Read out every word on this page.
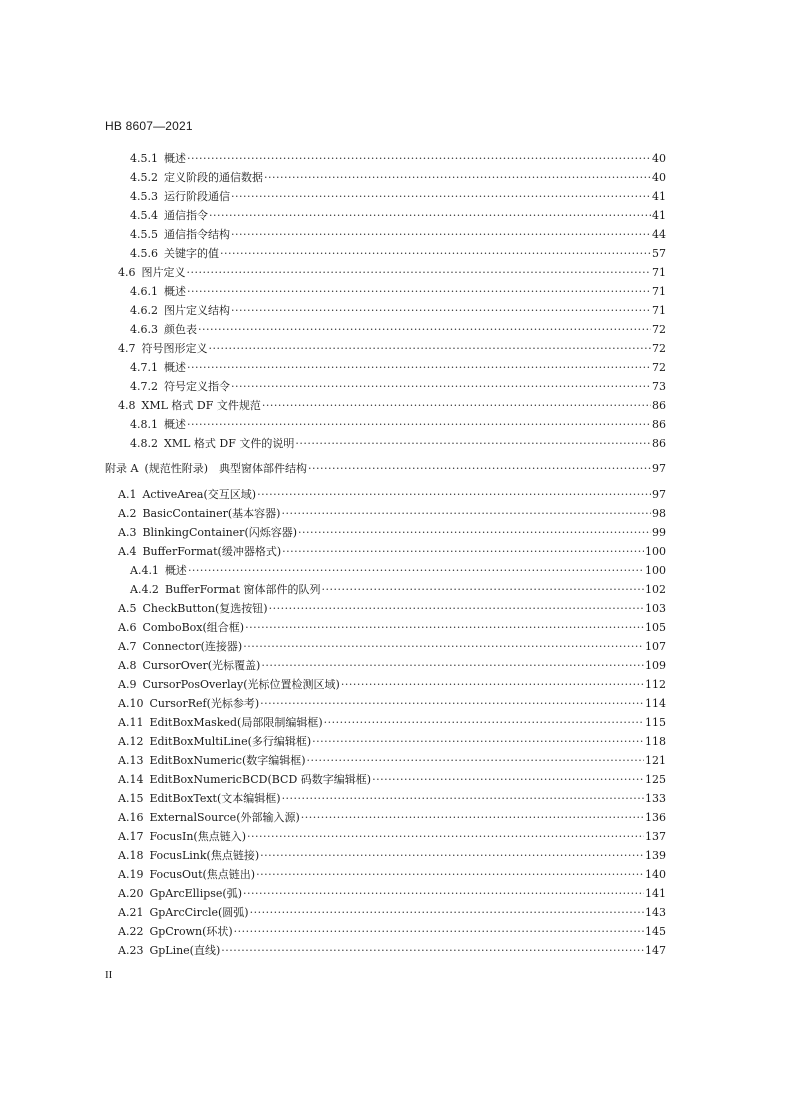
HB 8607—2021
4.5.1 概述 ·····	40
4.5.2 定义阶段的通信数据 ·····	40
4.5.3 运行阶段通信 ·····	41
4.5.4 通信指令 ·····	41
4.5.5 通信指令结构 ·····	44
4.5.6 关键字的值 ·····	57
4.6 图片定义 ·····	71
4.6.1 概述 ·····	71
4.6.2 图片定义结构 ·····	71
4.6.3 颜色表 ·····	72
4.7 符号图形定义 ·····	72
4.7.1 概述 ·····	72
4.7.2 符号定义指令 ·····	73
4.8 XML 格式 DF 文件规范 ·····	86
4.8.1 概述 ·····	86
4.8.2 XML 格式 DF 文件的说明 ·····	86
附录 A (规范性附录)　典型窗体部件结构 ·····	97
A.1 ActiveArea(交互区域) ·····	97
A.2 BasicContainer(基本容器) ·····	98
A.3 BlinkingContainer(闪烁容器) ·····	99
A.4 BufferFormat(缓冲器格式) ·····	100
A.4.1 概述 ·····	100
A.4.2 BufferFormat 窗体部件的队列 ·····	102
A.5 CheckButton(复选按钮) ·····	103
A.6 ComboBox(组合框) ·····	105
A.7 Connector(连接器) ·····	107
A.8 CursorOver(光标覆盖) ·····	109
A.9 CursorPosOverlay(光标位置检测区域) ·····	112
A.10 CursorRef(光标参考) ·····	114
A.11 EditBoxMasked(局部限制编辑框) ·····	115
A.12 EditBoxMultiLine(多行编辑框) ·····	118
A.13 EditBoxNumeric(数字编辑框) ·····	121
A.14 EditBoxNumericBCD(BCD 码数字编辑框) ·····	125
A.15 EditBoxText(文本编辑框) ·····	133
A.16 ExternalSource(外部输入源) ·····	136
A.17 FocusIn(焦点链入) ·····	137
A.18 FocusLink(焦点链接) ·····	139
A.19 FocusOut(焦点链出) ·····	140
A.20 GpArcEllipse(弧) ·····	141
A.21 GpArcCircle(圆弧) ·····	143
A.22 GpCrown(环状) ·····	145
A.23 GpLine(直线) ·····	147
II
